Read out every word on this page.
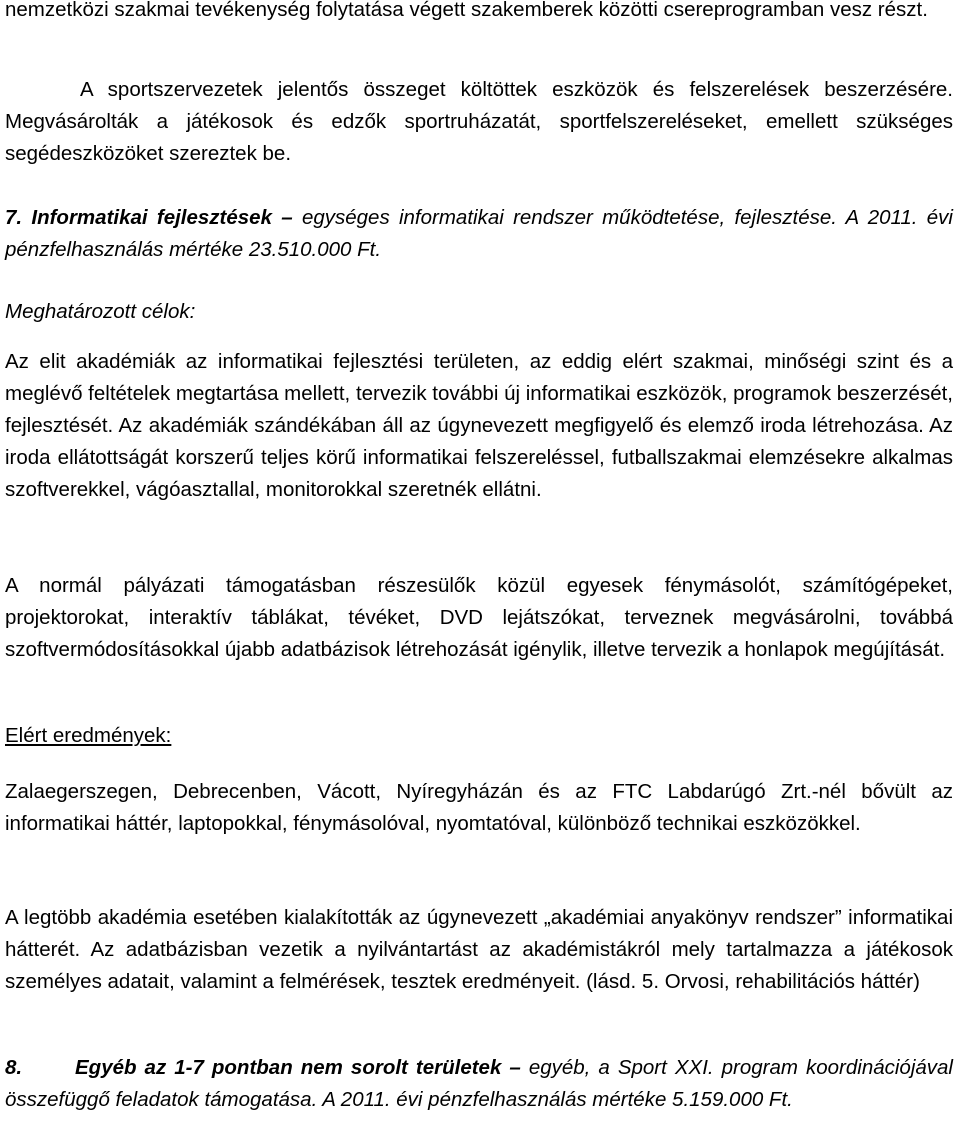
nemzetközi szakmai tevékenység folytatása végett szakemberek közötti csereprogramban vesz részt.

A sportszervezetek jelentős összeget költöttek eszközök és felszerelések beszerzésére. Megvásárolták a játékosok és edzők sportruházatát, sportfelszereléseket, emellett szükséges segédeszközöket szereztek be.

7. Informatikai fejlesztések – egységes informatikai rendszer működtetése, fejlesztése. A 2011. évi pénzfelhasználás mértéke 23.510.000 Ft.

Meghatározott célok:

Az elit akadémiák az informatikai fejlesztési területen, az eddig elért szakmai, minőségi szint és a meglévő feltételek megtartása mellett, tervezik további új informatikai eszközök, programok beszerzését, fejlesztését. Az akadémiák szándékában áll az úgynevezett megfigyelő és elemző iroda létrehozása. Az iroda ellátottságát korszerű teljes körű informatikai felszereléssel, futballszakmai elemzésekre alkalmas szoftverekkel, vágóasztallal, monitorokkal szeretnék ellátni.

A normál pályázati támogatásban részesülők közül egyesek fénymásolót, számítógépeket, projektorokat, interaktív táblákat, tévéket, DVD lejátszókat, terveznek megvásárolni, továbbá szoftvermódosításokkal újabb adatbázisok létrehozását igénylik, illetve tervezik a honlapok megújítását.

Elért eredmények:

Zalaegerszegen, Debrecenben, Vácott, Nyíregyházán és az FTC Labdarúgó Zrt.-nél bővült az informatikai háttér, laptopokkal, fénymásolóval, nyomtatóval, különböző technikai eszközökkel.

A legtöbb akadémia esetében kialakították az úgynevezett „akadémiai anyakönyv rendszer” informatikai hátterét. Az adatbázisban vezetik a nyilvántartást az akadémistákról mely tartalmazza a játékosok személyes adatait, valamint a felmérések, tesztek eredményeit. (lásd. 5. Orvosi, rehabilitációs háttér)

8.	Egyéb az 1-7 pontban nem sorolt területek – egyéb, a Sport XXI. program koordinációjával összefüggő feladatok támogatása. A 2011. évi pénzfelhasználás mértéke 5.159.000 Ft.
